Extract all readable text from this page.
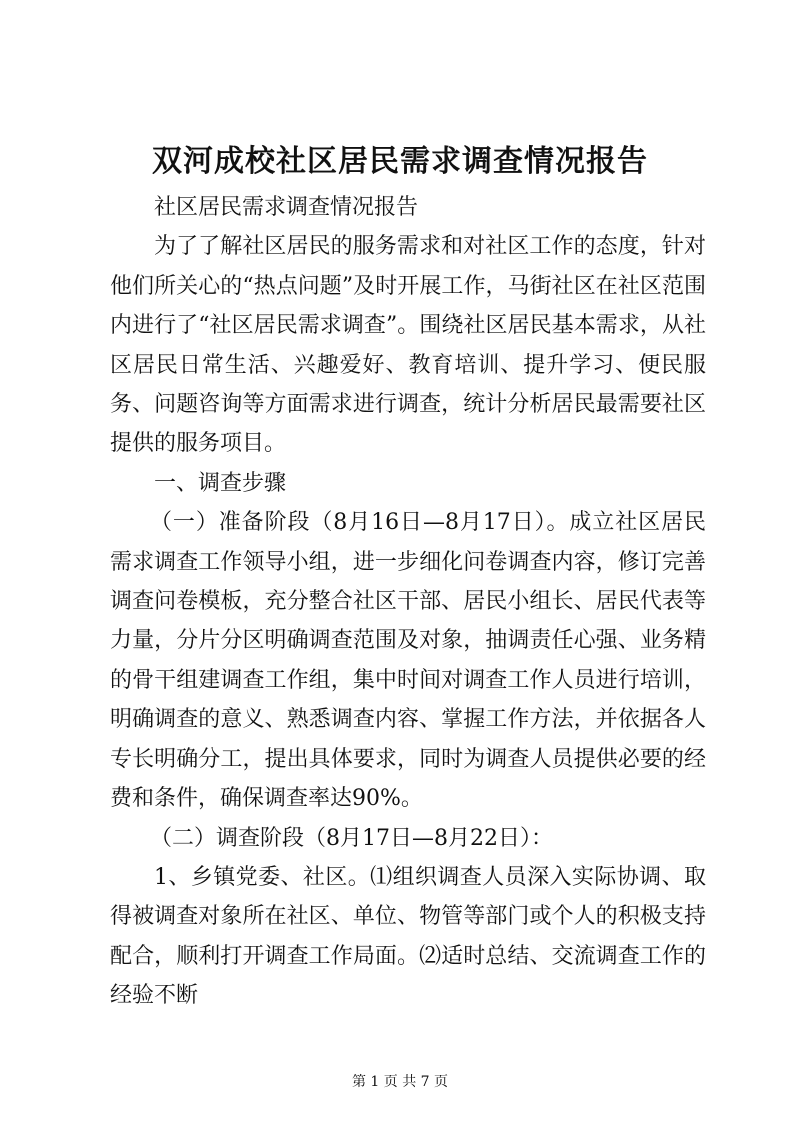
双河成校社区居民需求调查情况报告

社区居民需求调查情况报告

为了了解社区居民的服务需求和对社区工作的态度，针对他们所关心的“热点问题”及时开展工作，马街社区在社区范围内进行了“社区居民需求调查”。围绕社区居民基本需求，从社区居民日常生活、兴趣爱好、教育培训、提升学习、便民服务、问题咨询等方面需求进行调查，统计分析居民最需要社区提供的服务项目。

一、调查步骤

（一）准备阶段（8月16日—8月17日）。成立社区居民需求调查工作领导小组，进一步细化问卷调查内容，修订完善调查问卷模板，充分整合社区干部、居民小组长、居民代表等力量，分片分区明确调查范围及对象，抽调责任心强、业务精的骨干组建调查工作组，集中时间对调查工作人员进行培训，明确调查的意义、熟悉调查内容、掌握工作方法，并依据各人专长明确分工，提出具体要求，同时为调查人员提供必要的经费和条件，确保调查率达90%。

（二）调查阶段（8月17日—8月22日）：

1、乡镇党委、社区。⑴组织调查人员深入实际协调、取得被调查对象所在社区、单位、物管等部门或个人的积极支持配合，顺利打开调查工作局面。⑵适时总结、交流调查工作的经验不断

第 1 页 共 7 页
